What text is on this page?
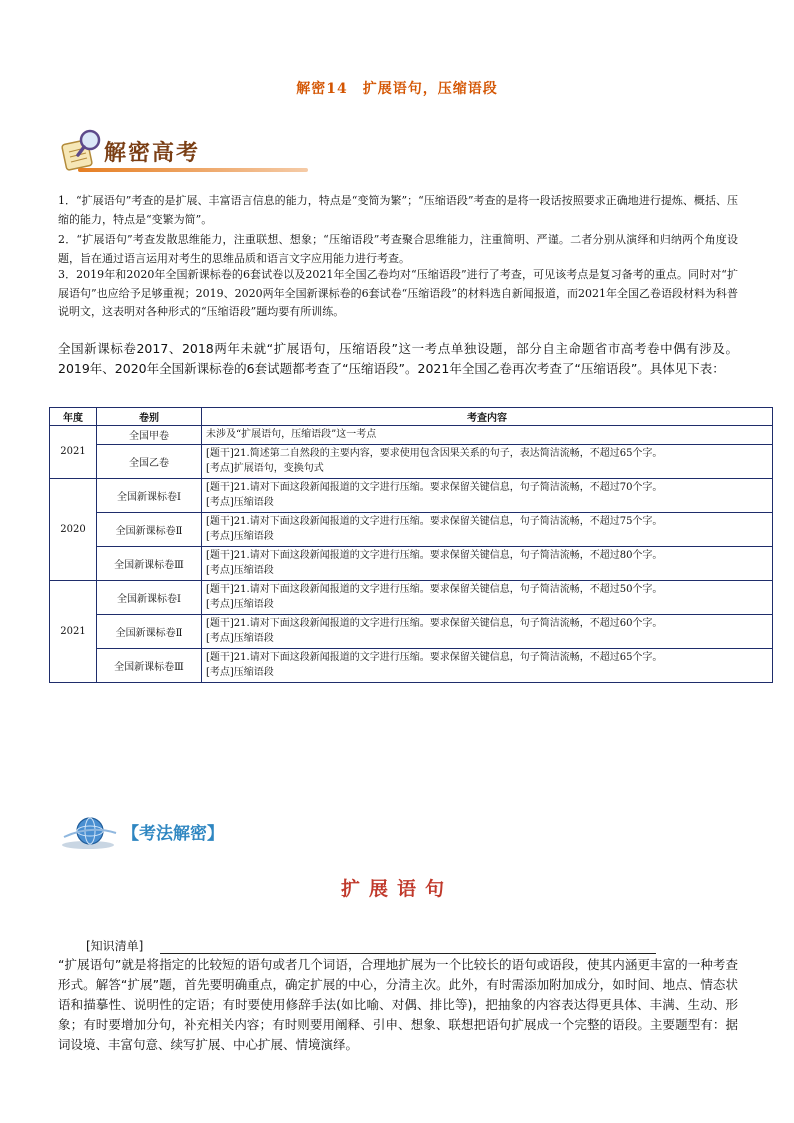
解密14　扩展语句，压缩语段
解密高考
1．“扩展语句”考查的是扩展、丰富语言信息的能力，特点是“变简为繁”；“压缩语段”考查的是将一段话按照要求正确地进行提炼、概括、压缩的能力，特点是“变繁为简”。
2．“扩展语句”考查发散思维能力，注重联想、想象；“压缩语段”考查聚合思维能力，注重简明、严谨。二者分别从演绎和归纳两个角度设题，旨在通过语言运用对考生的思维品质和语言文字应用能力进行考查。
3．2019年和2020年全国新课标卷的6套试卷以及2021年全国乙卷均对“压缩语段”进行了考查，可见该考点是复习备考的重点。同时对“扩展语句”也应给予足够重视；2019、2020两年全国新课标卷的6套试卷“压缩语段”的材料选自新闻报道，而2021年全国乙卷语段材料为科普说明文，这表明对各种形式的“压缩语段”题均要有所训练。
全国新课标卷2017、2018两年未就“扩展语句，压缩语段”这一考点单独设题，部分自主命题省市高考卷中偶有涉及。2019年、2020年全国新课标卷的6套试题都考查了“压缩语段”。2021年全国乙卷再次考查了“压缩语段”。具体见下表：
年度	卷别	考查内容
2021	全国甲卷	未涉及“扩展语句，压缩语段”这一考点

	全国乙卷	[题干]21.简述第二自然段的主要内容，要求使用包含因果关系的句子，表达简洁流畅，不超过65个字。
[考点]扩展语句，变换句式

2020	全国新课标卷Ⅰ	[题干]21.请对下面这段新闻报道的文字进行压缩。要求保留关键信息，句子简洁流畅，不超过70个字。
[考点]压缩语段

	全国新课标卷Ⅱ	[题干]21.请对下面这段新闻报道的文字进行压缩。要求保留关键信息，句子简洁流畅，不超过75个字。
[考点]压缩语段

	全国新课标卷Ⅲ	[题干]21.请对下面这段新闻报道的文字进行压缩。要求保留关键信息，句子简洁流畅，不超过80个字。
[考点]压缩语段

2021	全国新课标卷Ⅰ	[题干]21.请对下面这段新闻报道的文字进行压缩。要求保留关键信息，句子简洁流畅，不超过50个字。
[考点]压缩语段

	全国新课标卷Ⅱ	[题干]21.请对下面这段新闻报道的文字进行压缩。要求保留关键信息，句子简洁流畅，不超过60个字。
[考点]压缩语段

	全国新课标卷Ⅲ	[题干]21.请对下面这段新闻报道的文字进行压缩。要求保留关键信息，句子简洁流畅，不超过65个字。
[考点]压缩语段
【考法解密】
扩展语句
[知识清单]
“扩展语句”就是将指定的比较短的语句或者几个词语，合理地扩展为一个比较长的语句或语段，使其内涵更丰富的一种考查形式。解答“扩展”题，首先要明确重点，确定扩展的中心，分清主次。此外，有时需添加附加成分，如时间、地点、情态状语和描摹性、说明性的定语；有时要使用修辞手法(如比喻、对偶、排比等)，把抽象的内容表达得更具体、丰满、生动、形象；有时要增加分句，补充相关内容；有时则要用阐释、引申、想象、联想把语句扩展成一个完整的语段。主要题型有：据词设境、丰富句意、续写扩展、中心扩展、情境演绎。
